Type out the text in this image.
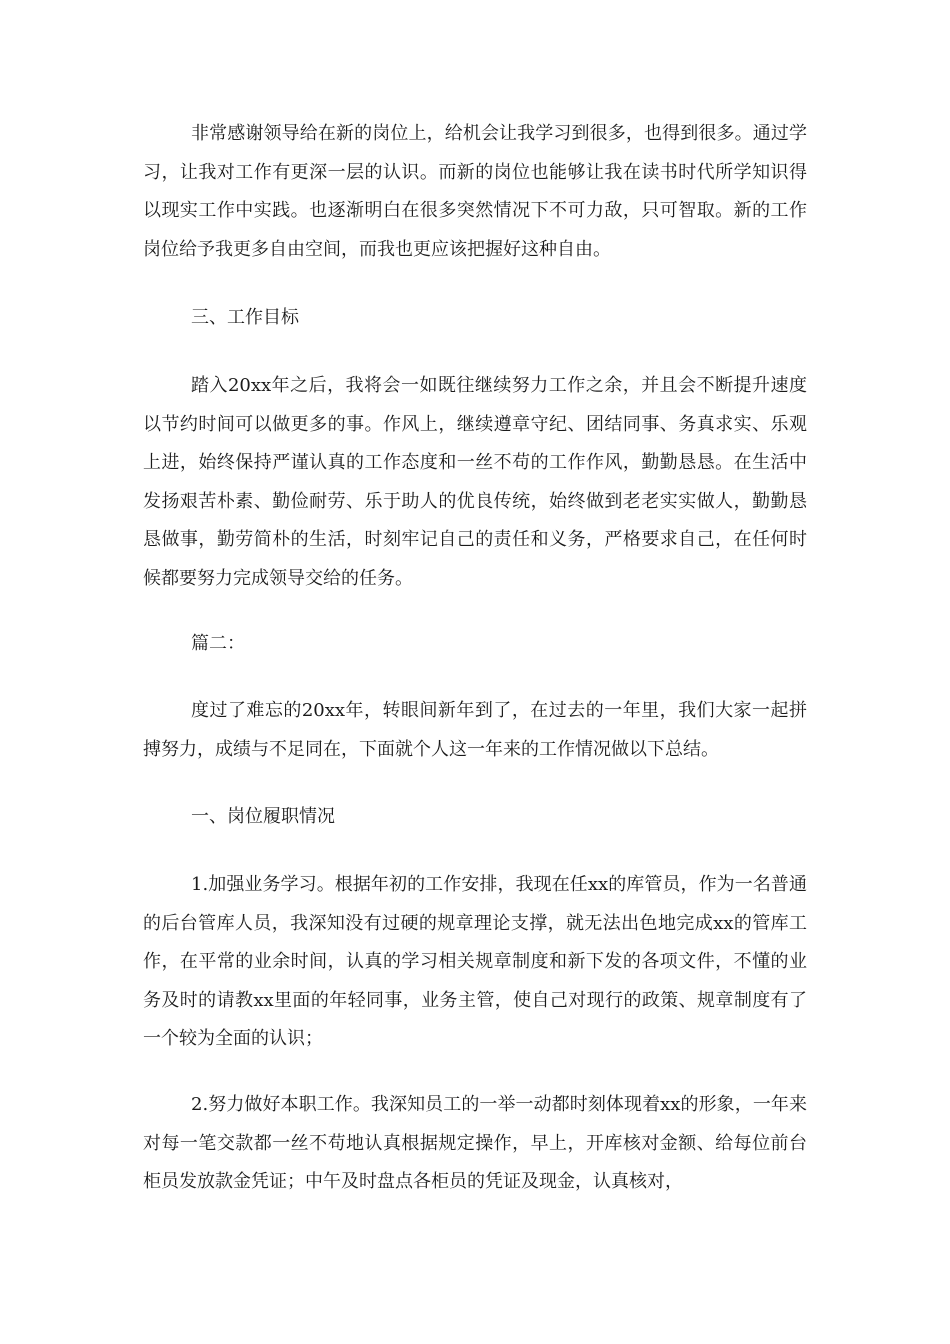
非常感谢领导给在新的岗位上，给机会让我学习到很多，也得到很多。通过学习，让我对工作有更深一层的认识。而新的岗位也能够让我在读书时代所学知识得以现实工作中实践。也逐渐明白在很多突然情况下不可力敌，只可智取。新的工作岗位给予我更多自由空间，而我也更应该把握好这种自由。

三、工作目标

踏入20xx年之后，我将会一如既往继续努力工作之余，并且会不断提升速度以节约时间可以做更多的事。作风上，继续遵章守纪、团结同事、务真求实、乐观上进，始终保持严谨认真的工作态度和一丝不苟的工作作风，勤勤恳恳。在生活中发扬艰苦朴素、勤俭耐劳、乐于助人的优良传统，始终做到老老实实做人，勤勤恳恳做事，勤劳简朴的生活，时刻牢记自己的责任和义务，严格要求自己，在任何时候都要努力完成领导交给的任务。

篇二：

度过了难忘的20xx年，转眼间新年到了，在过去的一年里，我们大家一起拼搏努力，成绩与不足同在，下面就个人这一年来的工作情况做以下总结。

一、岗位履职情况

1.加强业务学习。根据年初的工作安排，我现在任xx的库管员，作为一名普通的后台管库人员，我深知没有过硬的规章理论支撑，就无法出色地完成xx的管库工作，在平常的业余时间，认真的学习相关规章制度和新下发的各项文件，不懂的业务及时的请教xx里面的年轻同事，业务主管，使自己对现行的政策、规章制度有了一个较为全面的认识；

2.努力做好本职工作。我深知员工的一举一动都时刻体现着xx的形象，一年来对每一笔交款都一丝不苟地认真根据规定操作，早上，开库核对金额、给每位前台柜员发放款金凭证；中午及时盘点各柜员的凭证及现金，认真核对，
